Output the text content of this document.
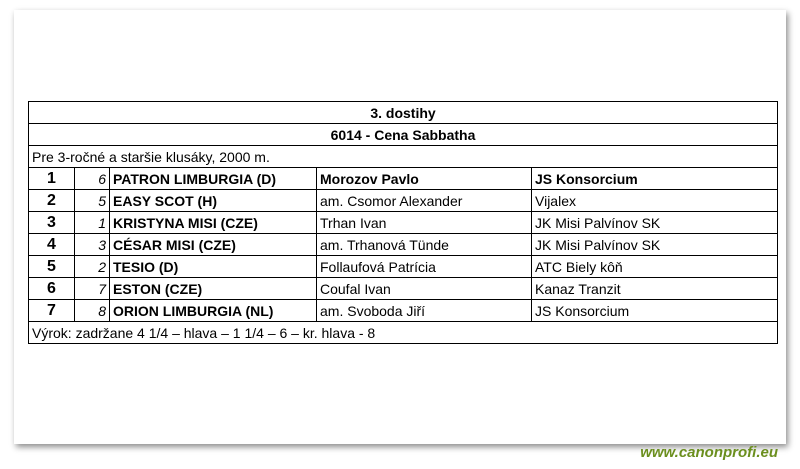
3. dostihy				
6014 - Cena Sabbatha				
Pre 3-ročné a staršie klusáky, 2000 m.				
1	6	PATRON LIMBURGIA (D)	Morozov Pavlo	JS Konsorcium
2	5	EASY SCOT (H)	am. Csomor Alexander	Vijalex
3	1	KRISTYNA MISI (CZE)	Trhan Ivan	JK Misi Palvínov SK
4	3	CÉSAR MISI (CZE)	am. Trhanová Tünde	JK Misi Palvínov SK
5	2	TESIO (D)	Follaufová Patrícia	ATC Biely kôň
6	7	ESTON (CZE)	Coufal Ivan	Kanaz Tranzit
7	8	ORION LIMBURGIA (NL)	am. Svoboda Jiří	JS Konsorcium
Výrok: zadržane 4 1/4 – hlava – 1 1/4 – 6 – kr. hlava - 8				
www.canonprofi.eu
